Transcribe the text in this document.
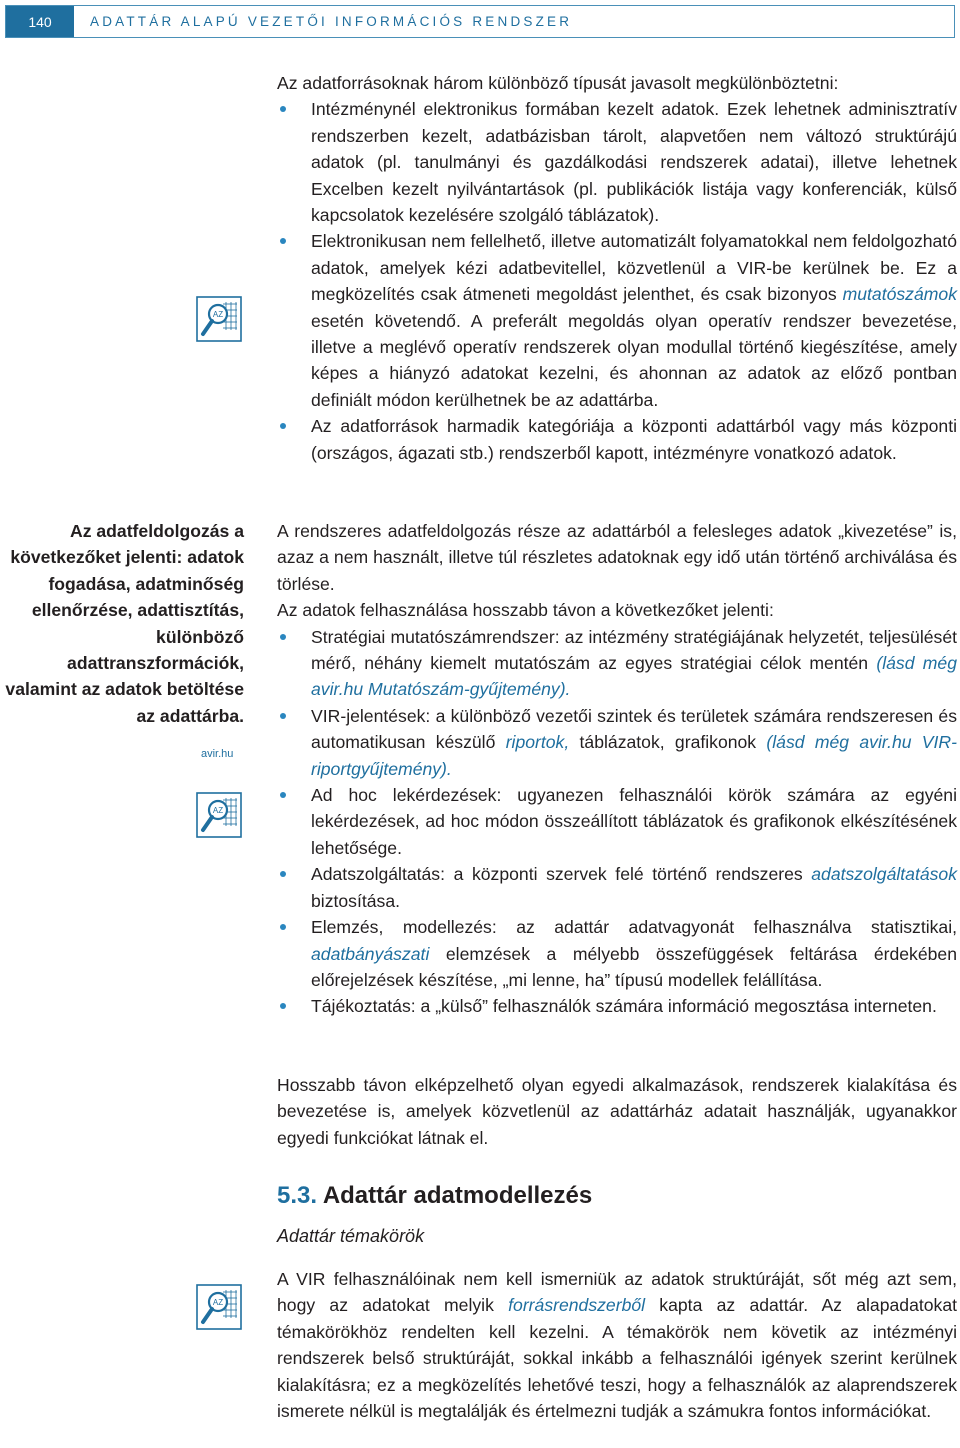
140	ADATTÁR ALAPÚ VEZETŐI INFORMÁCIÓS RENDSZER
AZ
AZ
AZ
Az adatfeldolgozás a következőket jelenti: adatok fogadása, adatminőség ellenőrzése, adattisztítás, különböző adattranszformációk, valamint az adatok betöltése az adattárba.
avir.hu

Az adatforrásoknak három különböző típusát javasolt megkülönböztetni:

Intézménynél elektronikus formában kezelt adatok. Ezek lehetnek adminisztratív rendszerben kezelt, adatbázisban tárolt, alapvetően nem változó struktúrájú adatok (pl. tanulmányi és gazdálkodási rendszerek adatai), illetve lehetnek Excelben kezelt nyilvántartások (pl. publikációk listája vagy konferenciák, külső kapcsolatok kezelésére szolgáló táblázatok).
Elektronikusan nem fellelhető, illetve automatizált folyamatokkal nem feldolgozható adatok, amelyek kézi adatbevitellel, közvetlenül a VIR-be kerülnek be. Ez a megközelítés csak átmeneti megoldást jelenthet, és csak bizonyos mutatószámok esetén követendő. A preferált megoldás olyan operatív rendszer bevezetése, illetve a meglévő operatív rendszerek olyan modullal történő kiegészítése, amely képes a hiányzó adatokat kezelni, és ahonnan az adatok az előző pontban definiált módon kerülhetnek be az adattárba.
Az adatforrások harmadik kategóriája a központi adattárból vagy más központi (országos, ágazati stb.) rendszerből kapott, intézményre vonatkozó adatok.

A rendszeres adatfeldolgozás része az adattárból a felesleges adatok „kivezetése” is, azaz a nem használt, illetve túl részletes adatoknak egy idő után történő archiválása és törlése.

Az adatok felhasználása hosszabb távon a következőket jelenti:

Stratégiai mutatószámrendszer: az intézmény stratégiájának helyzetét, teljesülését mérő, néhány kiemelt mutatószám az egyes stratégiai célok mentén (lásd még avir.hu Mutatószám-gyűjtemény).
VIR-jelentések: a különböző vezetői szintek és területek számára rendszeresen és automatikusan készülő riportok, táblázatok, grafikonok (lásd még avir.hu VIR-riportgyűjtemény).
Ad hoc lekérdezések: ugyanezen felhasználói körök számára az egyéni lekérdezések, ad hoc módon összeállított táblázatok és grafikonok elkészítésének lehetősége.
Adatszolgáltatás: a központi szervek felé történő rendszeres adatszolgáltatások biztosítása.
Elemzés, modellezés: az adattár adatvagyonát felhasználva statisztikai, adatbányászati elemzések a mélyebb összefüggések feltárása érdekében előrejelzések készítése, „mi lenne, ha” típusú modellek felállítása.
Tájékoztatás: a „külső” felhasználók számára információ megosztása interneten.

Hosszabb távon elképzelhető olyan egyedi alkalmazások, rendszerek kialakítása és bevezetése is, amelyek közvetlenül az adattárház adatait használják, ugyanakkor egyedi funkciókat látnak el.

5.3. Adattár adatmodellezés
Adattár témakörök

A VIR felhasználóinak nem kell ismerniük az adatok struktúráját, sőt még azt sem, hogy az adatokat melyik forrásrendszerből kapta az adattár. Az alapadatokat témakörökhöz rendelten kell kezelni. A témakörök nem követik az intézményi rendszerek belső struktúráját, sokkal inkább a felhasználói igények szerint kerülnek kialakításra; ez a megközelítés lehetővé teszi, hogy a felhasználók az alaprendszerek ismerete nélkül is megtalálják és értelmezni tudják a számukra fontos információkat.
